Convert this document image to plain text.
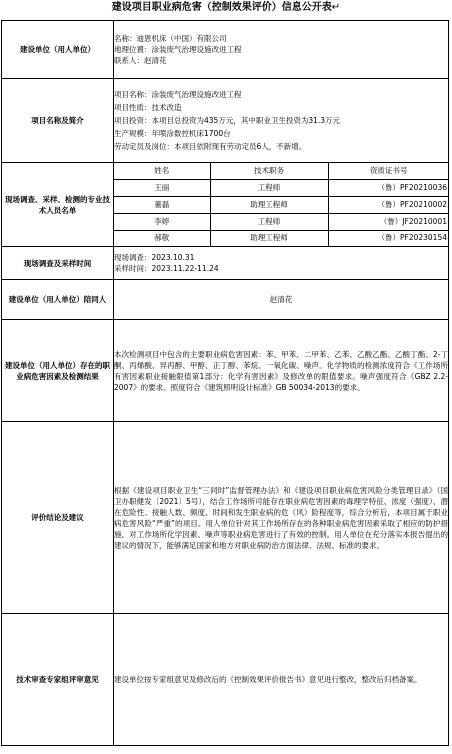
建设项目职业病危害（控制效果评价）信息公开表↵
建设单位（用人单位）	
名称：迪恩机床（中国）有限公司
地理位置：涂装废气治理设施改进工程
联系人：赵清花

项目名称及简介	
项目名称：涂装废气治理设施改进工程
项目性质：技术改造
项目投资：本项目总投资为435万元，其中职业卫生投资为31.3万元
生产规模：年喷涂数控机床1700台
劳动定员及岗位：本项目依附现有劳动定员6人，不新增。

现场调查、采样、检测的专业技术人员名单	
姓名	技术职务	资质证书号
王丽	工程师	（鲁）PF20210036
董磊	助理工程师	（鲁）PF20210002
李婷	工程师	（鲁）JF20210001
郝敬	助理工程师	（鲁）PF20230154

现场调查及采样时间	
现场调查：2023.10.31
采样时间：2023.11.22-11.24

建设单位（用人单位）陪同人	赵清花
建设单位（用人单位）存在的职业病危害因素及检测结果	本次检测项目中包含的主要职业病危害因素：苯、甲苯、二甲苯、乙苯、乙酸乙酯、乙酸丁酯、2-丁酮、丙烯酸、异丙醇、甲醇、正丁醇、苯烷、一氧化碳、噪声。化学物质的检测浓度符合《工作场所有害因素职业接触限值第1部分：化学有害因素》及修改单的限值要求。噪声强度符合《GBZ 2.2-2007》的要求。照度符合《建筑照明设计标准》GB 50034-2013的要求。
评价结论及建议	根据《建设项目职业卫生“三同时”监督管理办法》和《建设项目职业病危害风险分类管理目录》（国卫办职健发〔2021〕5号），结合工作场所可能存在职业病危害因素的毒理学特征、浓度（强度）、潜在危险性、接触人数、频度、时间和发生职业病的危（风）险程度等，综合分析后，本项目属于职业病危害风险“严重”的项目。用人单位针对其工作场所存在的各种职业病危害因素采取了相应的防护措施，对工作场所化学因素、噪声等职业病危害进行了有效的控制。用人单位在充分落实本报告提出的建议的情况下，能够满足国家和地方对职业病防治方面法律、法规、标准的要求。
技术审查专家组评审意见	建设单位按专家组意见及修改后的《控制效果评价报告书》意见进行整改，整改后归档备案。
